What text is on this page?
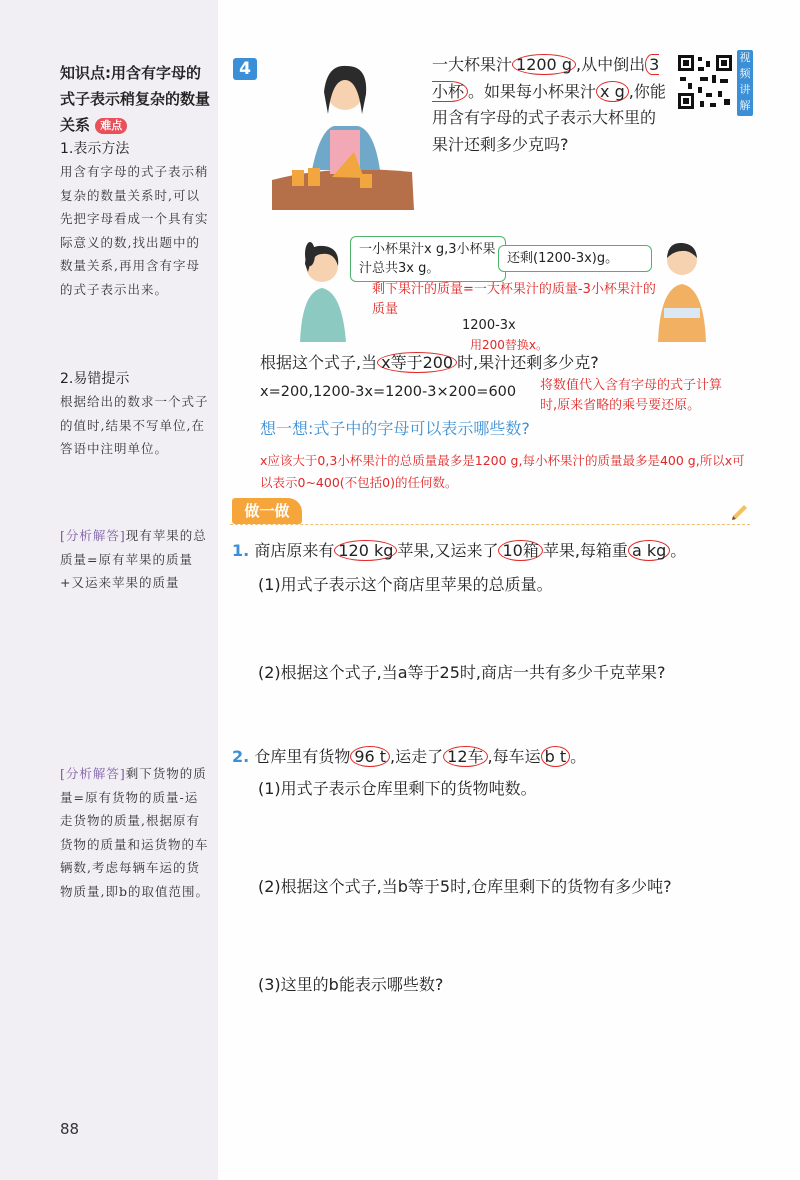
知识点:用含有字母的式子表示稍复杂的数量关系 难点
1.表示方法
用含有字母的式子表示稍复杂的数量关系时,可以先把字母看成一个具有实际意义的数,找出题中的数量关系,再用含有字母的式子表示出来。
2.易错提示
根据给出的数求一个式子的值时,结果不写单位,在答语中注明单位。
[分析解答]现有苹果的总质量=原有苹果的质量+又运来苹果的质量
[分析解答]剩下货物的质量=原有货物的质量-运走货物的质量,根据原有货物的质量和运货物的车辆数,考虑每辆车运的货物质量,即b的取值范围。
4	一大杯果汁 1200 g ,从中倒出 3小杯 。如果每小杯果汁 x g ,你能用含有字母的式子表示大杯里的果汁还剩多少克吗?
视频讲解
一小杯果汁x g,3小杯果汁总共3x g。
还剩(1200-3x)g。
剩下果汁的质量=一大杯果汁的质量-3小杯果汁的质量
1200-3x
用200替换x。
根据这个式子,当 x等于200 时,果汁还剩多少克?
x=200,1200-3x=1200-3×200=600 将数值代入含有字母的式子计算时,原来省略的乘号要还原。
想一想:式子中的字母可以表示哪些数?
x应该大于0,3小杯果汁的总质量最多是1200 g,每小杯果汁的质量最多是400 g,所以x可以表示0~400(不包括0)的任何数。
做一做
1. 商店原来有 120 kg 苹果,又运来了 10箱 苹果,每箱重 a kg 。
(1)用式子表示这个商店里苹果的总质量。
(2)根据这个式子,当a等于25时,商店一共有多少千克苹果?
2. 仓库里有货物 96 t ,运走了 12车 ,每车运 b t 。
(1)用式子表示仓库里剩下的货物吨数。
(2)根据这个式子,当b等于5时,仓库里剩下的货物有多少吨?
(3)这里的b能表示哪些数?
88
